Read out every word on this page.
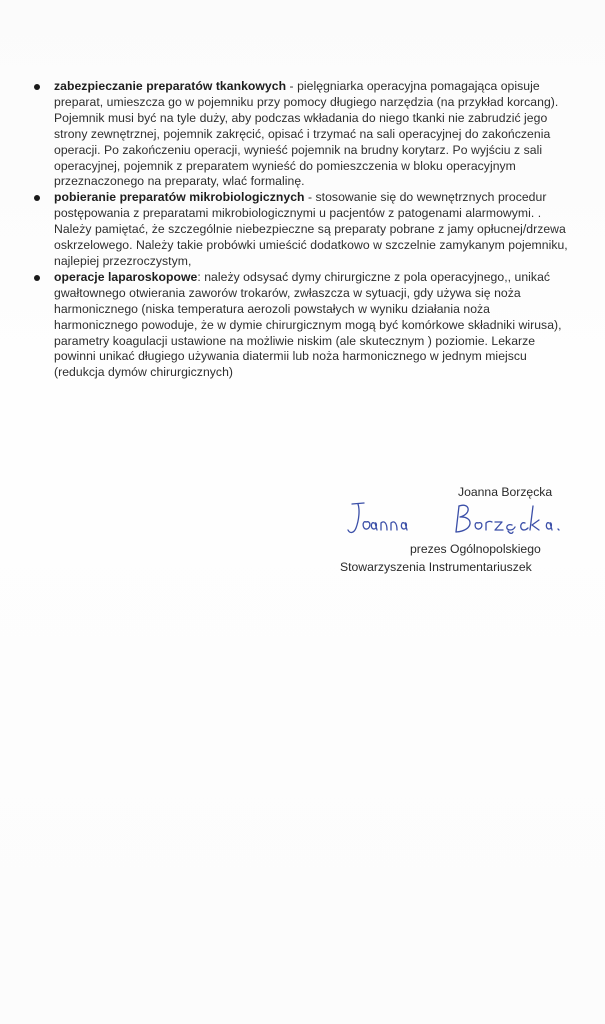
zabezpieczanie preparatów tkankowych - pielęgniarka operacyjna pomagająca opisuje preparat, umieszcza go w pojemniku przy pomocy długiego narzędzia (na przykład korcang). Pojemnik musi być na tyle duży, aby podczas wkładania do niego tkanki nie zabrudzić jego strony zewnętrznej, pojemnik zakręcić, opisać i trzymać na sali operacyjnej do zakończenia operacji. Po zakończeniu operacji, wynieść pojemnik na brudny korytarz. Po wyjściu z sali operacyjnej, pojemnik z preparatem wynieść do pomieszczenia w bloku operacyjnym przeznaczonego na preparaty, wlać formalinę.
pobieranie preparatów mikrobiologicznych - stosowanie się do wewnętrznych procedur postępowania z preparatami mikrobiologicznymi u pacjentów z patogenami alarmowymi. . Należy pamiętać, że szczególnie niebezpieczne są preparaty pobrane z jamy opłucnej/drzewa oskrzelowego. Należy takie probówki umieścić dodatkowo w szczelnie zamykanym pojemniku, najlepiej przezroczystym,
operacje laparoskopowe: należy odsysać dymy chirurgiczne z pola operacyjnego,, unikać gwałtownego otwierania zaworów trokarów, zwłaszcza w sytuacji, gdy używa się noża harmonicznego (niska temperatura aerozoli powstałych w wyniku działania noża harmonicznego powoduje, że w dymie chirurgicznym mogą być komórkowe składniki wirusa), parametry koagulacji ustawione na możliwie niskim (ale skutecznym ) poziomie. Lekarze powinni unikać długiego używania diatermii lub noża harmonicznego w jednym miejscu (redukcja dymów chirurgicznych)
Joanna Borzęcka
prezes Ogólnopolskiego
Stowarzyszenia Instrumentariuszek
